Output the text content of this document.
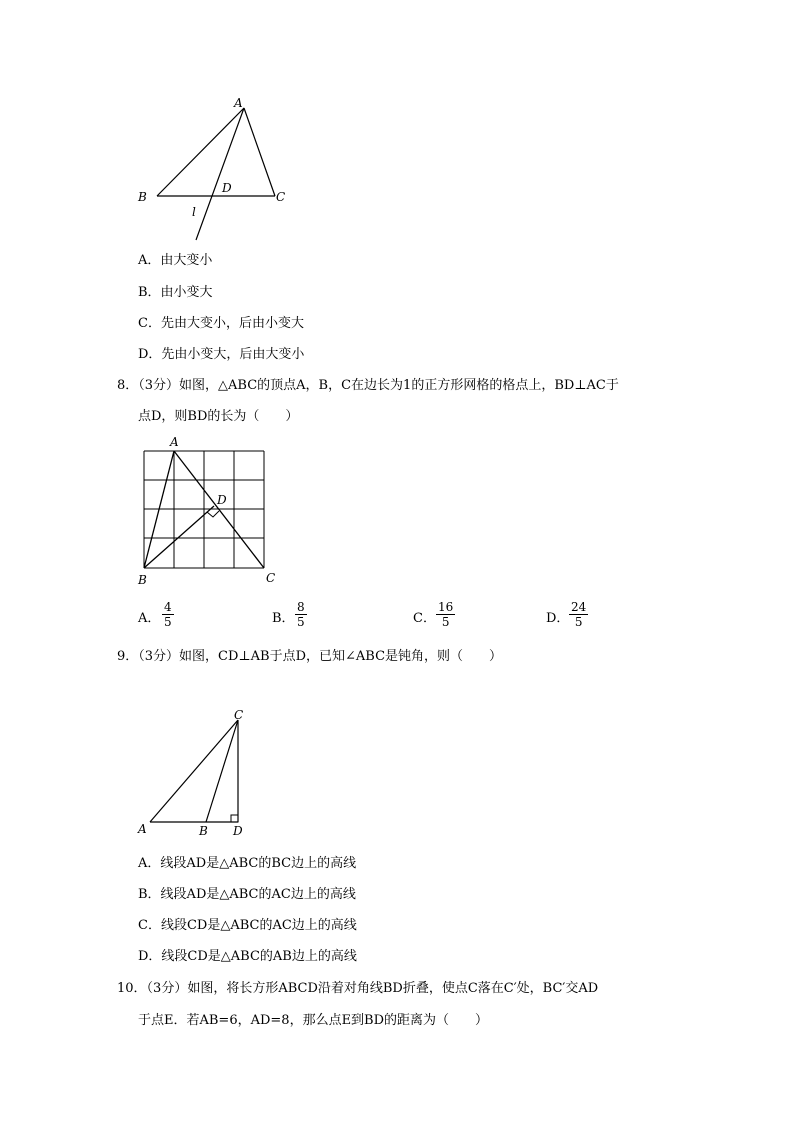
A
B	C
D
l
A．由大变小
B．由小变大
C．先由大变小，后由小变大
D．先由小变大，后由大变小
8．（3分）如图，△ABC的顶点A，B，C在边长为1的正方形网格的格点上，BD⊥AC于
点D，则BD的长为（　　）
A
B	C
D
A． $\frac{4}{5}$	B． $\frac{8}{5}$	C． $\frac{16}{5}$	D． $\frac{24}{5}$
9．（3分）如图，CD⊥AB于点D，已知∠ABC是钝角，则（　　）
A	B
C
D
A．线段AD是△ABC的BC边上的高线
B．线段AD是△ABC的AC边上的高线
C．线段CD是△ABC的AC边上的高线
D．线段CD是△ABC的AB边上的高线
10．（3分）如图，将长方形ABCD沿着对角线BD折叠，使点C落在C′处，BC′交AD
于点E．若AB=6，AD=8，那么点E到BD的距离为（　　）
